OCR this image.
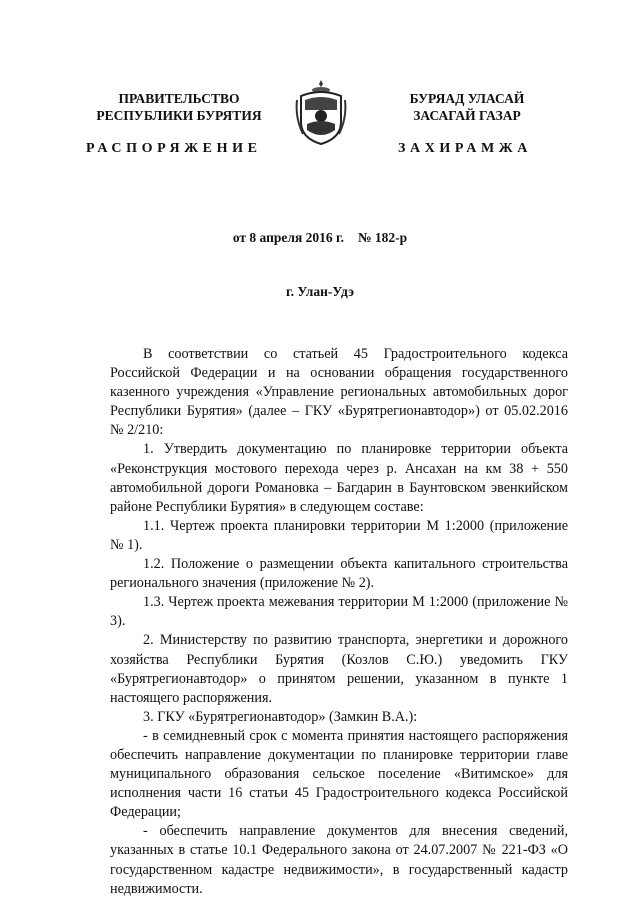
ПРАВИТЕЛЬСТВО
РЕСПУБЛИКИ БУРЯТИЯ
БУРЯАД УЛАСАЙ
ЗАСАГАЙ ГАЗАР
РАСПОРЯЖЕНИЕ	ЗАХИРАМЖА
от 8 апреля 2016 г. № 182-р
г. Улан-Удэ

В соответствии со статьей 45 Градостроительного кодекса Российской Федерации и на основании обращения государственного казенного учреждения «Управление региональных автомобильных дорог Республики Бурятия» (далее – ГКУ «Бурятрегионавтодор») от 05.02.2016 № 2/210:

1. Утвердить документацию по планировке территории объекта «Реконструкция мостового перехода через р. Ансахан на км 38 + 550 автомобильной дороги Романовка – Багдарин в Баунтовском эвенкийском районе Республики Бурятия» в следующем составе:

1.1. Чертеж проекта планировки территории М 1:2000 (приложение № 1).

1.2. Положение о размещении объекта капитального строительства регионального значения (приложение № 2).

1.3. Чертеж проекта межевания территории М 1:2000 (приложение № 3).

2. Министерству по развитию транспорта, энергетики и дорожного хозяйства Республики Бурятия (Козлов С.Ю.) уведомить ГКУ «Бурятрегионавтодор» о принятом решении, указанном в пункте 1 настоящего распоряжения.

3. ГКУ «Бурятрегионавтодор» (Замкин В.А.):

- в семидневный срок с момента принятия настоящего распоряжения обеспечить направление документации по планировке территории главе муниципального образования сельское поселение «Витимское» для исполнения части 16 статьи 45 Градостроительного кодекса Российской Федерации;

- обеспечить направление документов для внесения сведений, указанных в статье 10.1 Федерального закона от 24.07.2007 № 221-ФЗ «О государственном кадастре недвижимости», в государственный кадастр недвижимости.
